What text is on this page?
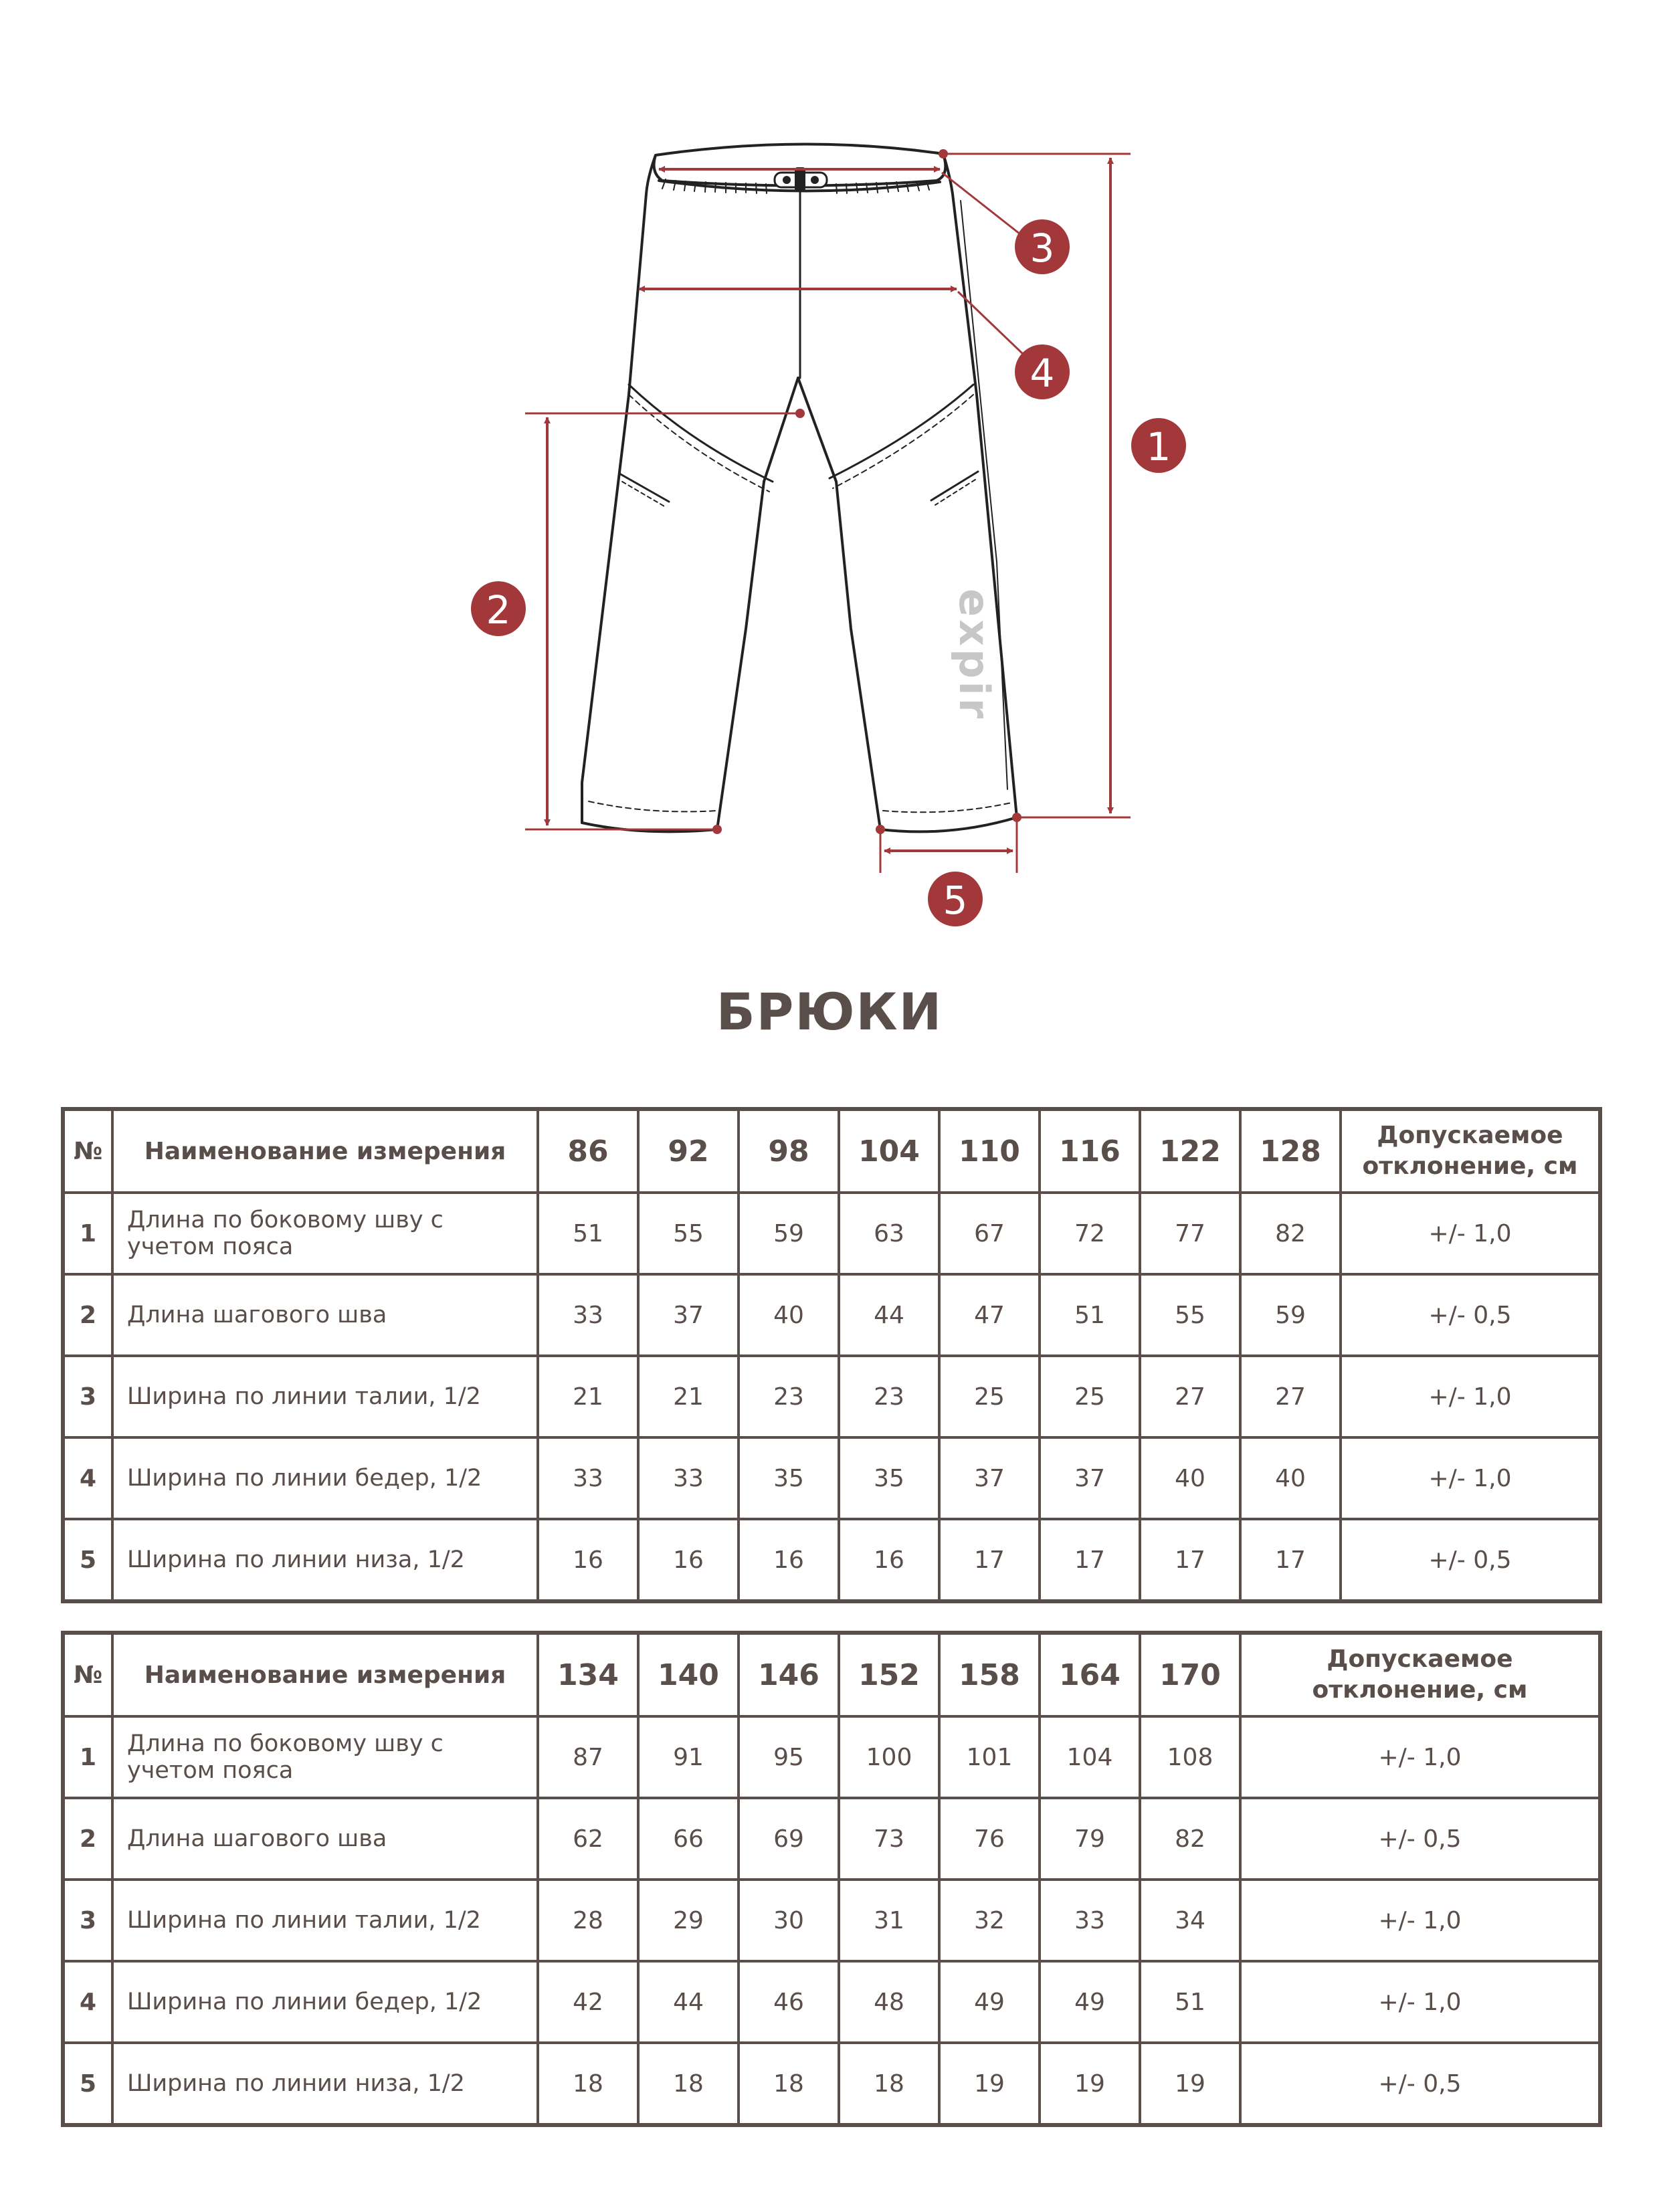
expir
1
2
3
4
5
БРЮКИ
№	Наименование измерения	86	92	98	104	110	116	122	128	Допускаемое отклонение, см
1	Длина по боковому шву с учетом пояса	51	55	59	63	67	72	77	82	+/- 1,0
2	Длина шагового шва	33	37	40	44	47	51	55	59	+/- 0,5
3	Ширина по линии талии, 1/2	21	21	23	23	25	25	27	27	+/- 1,0
4	Ширина по линии бедер, 1/2	33	33	35	35	37	37	40	40	+/- 1,0
5	Ширина по линии низа, 1/2	16	16	16	16	17	17	17	17	+/- 0,5
№	Наименование измерения	134	140	146	152	158	164	170	Допускаемое отклонение, см
1	Длина по боковому шву с учетом пояса	87	91	95	100	101	104	108	+/- 1,0
2	Длина шагового шва	62	66	69	73	76	79	82	+/- 0,5
3	Ширина по линии талии, 1/2	28	29	30	31	32	33	34	+/- 1,0
4	Ширина по линии бедер, 1/2	42	44	46	48	49	49	51	+/- 1,0
5	Ширина по линии низа, 1/2	18	18	18	18	19	19	19	+/- 0,5
